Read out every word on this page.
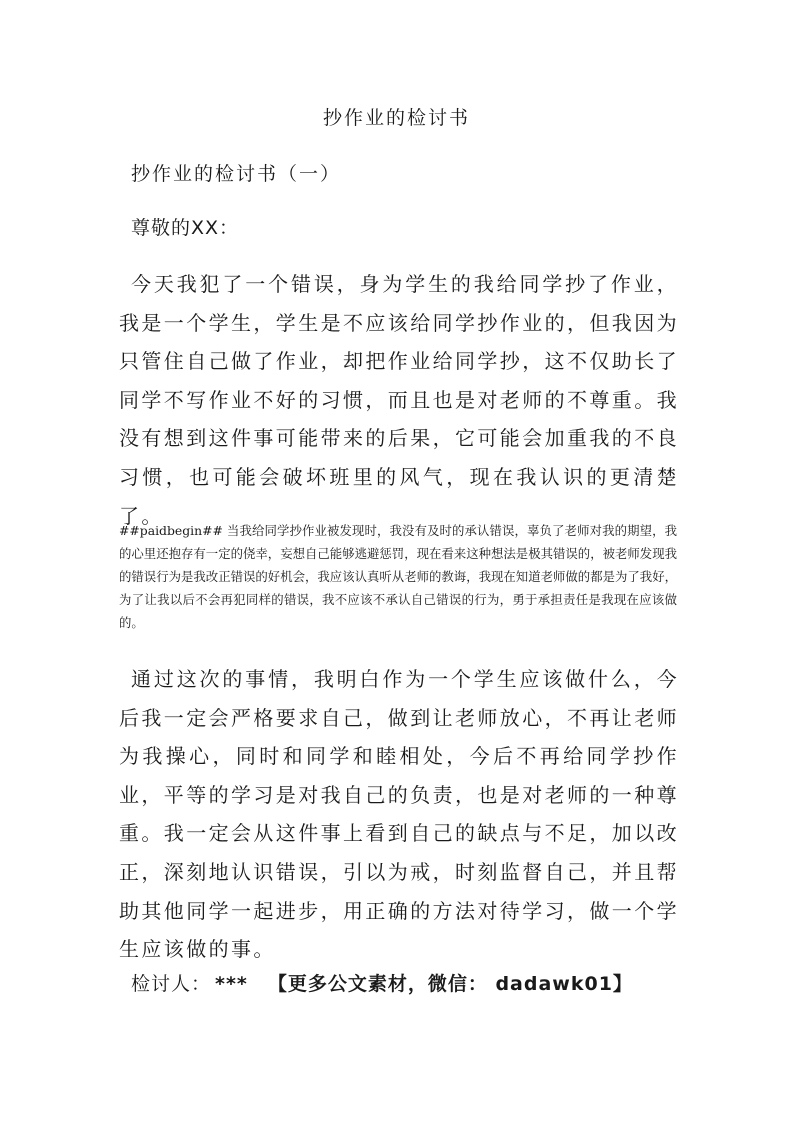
抄作业的检讨书

抄作业的检讨书（一）

尊敬的XX：

今天我犯了一个错误，身为学生的我给同学抄了作业，我是一个学生，学生是不应该给同学抄作业的，但我因为只管住自己做了作业，却把作业给同学抄，这不仅助长了同学不写作业不好的习惯，而且也是对老师的不尊重。我没有想到这件事可能带来的后果，它可能会加重我的不良习惯，也可能会破坏班里的风气，现在我认识的更清楚了。

##paidbegin## 当我给同学抄作业被发现时，我没有及时的承认错误，辜负了老师对我的期望，我的心里还抱存有一定的侥幸，妄想自己能够逃避惩罚，现在看来这种想法是极其错误的，被老师发现我的错误行为是我改正错误的好机会，我应该认真听从老师的教诲，我现在知道老师做的都是为了我好，为了让我以后不会再犯同样的错误，我不应该不承认自己错误的行为，勇于承担责任是我现在应该做的。

通过这次的事情，我明白作为一个学生应该做什么，今后我一定会严格要求自己，做到让老师放心，不再让老师为我操心，同时和同学和睦相处，今后不再给同学抄作业，平等的学习是对我自己的负责，也是对老师的一种尊重。我一定会从这件事上看到自己的缺点与不足，加以改正，深刻地认识错误，引以为戒，时刻监督自己，并且帮助其他同学一起进步，用正确的方法对待学习，做一个学生应该做的事。

检讨人： *** 【更多公文素材，微信： dadawk01】
